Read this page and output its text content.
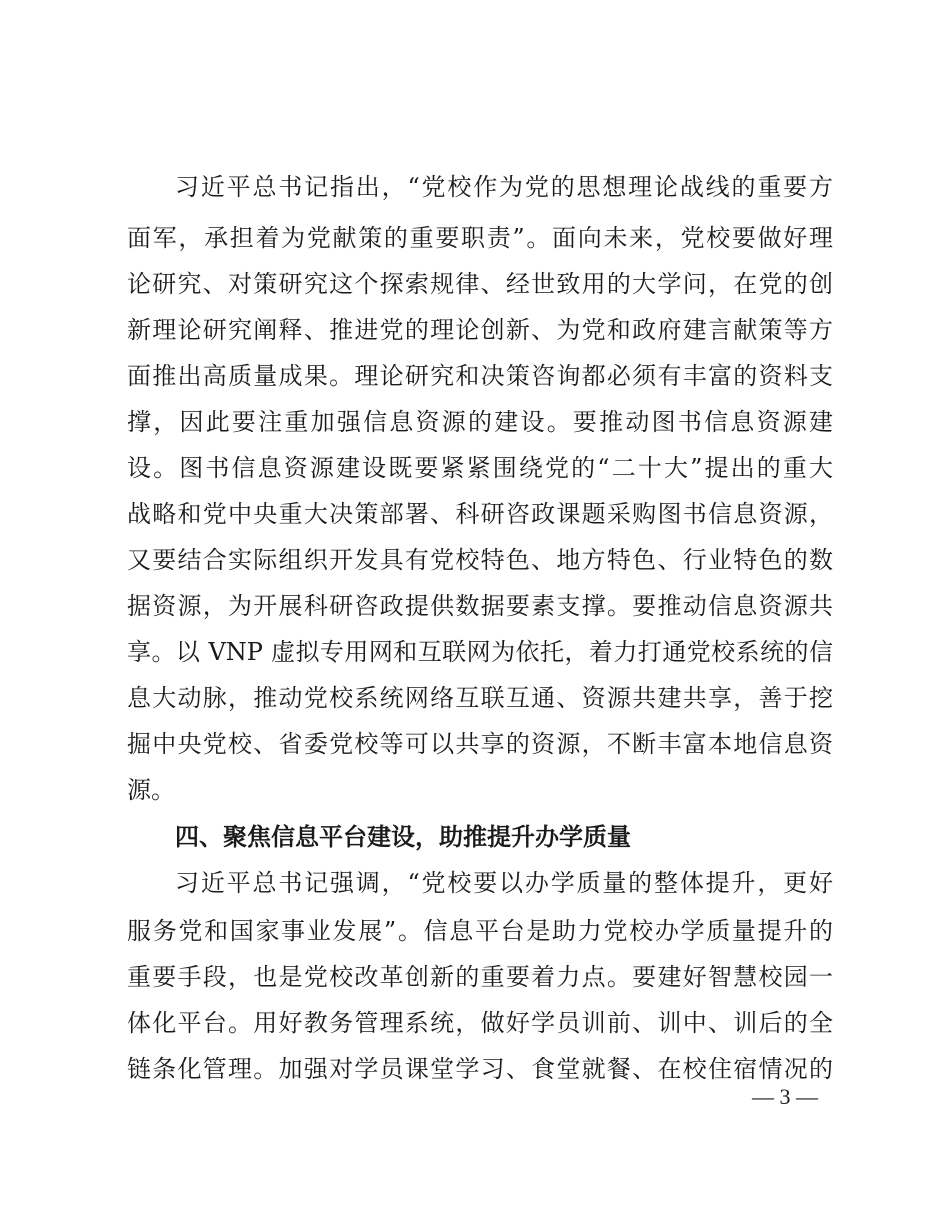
习近平总书记指出，“党校作为党的思想理论战线的重要方
面军，承担着为党献策的重要职责”。面向未来，党校要做好理
论研究、对策研究这个探索规律、经世致用的大学问，在党的创
新理论研究阐释、推进党的理论创新、为党和政府建言献策等方
面推出高质量成果。理论研究和决策咨询都必须有丰富的资料支
撑，因此要注重加强信息资源的建设。要推动图书信息资源建
设。图书信息资源建设既要紧紧围绕党的“二十大”提出的重大
战略和党中央重大决策部署、科研咨政课题采购图书信息资源，
又要结合实际组织开发具有党校特色、地方特色、行业特色的数
据资源，为开展科研咨政提供数据要素支撑。要推动信息资源共
享。以 VNP 虚拟专用网和互联网为依托，着力打通党校系统的信
息大动脉，推动党校系统网络互联互通、资源共建共享，善于挖
掘中央党校、省委党校等可以共享的资源，不断丰富本地信息资
源。
四、聚焦信息平台建设，助推提升办学质量
习近平总书记强调，“党校要以办学质量的整体提升，更好
服务党和国家事业发展”。信息平台是助力党校办学质量提升的
重要手段，也是党校改革创新的重要着力点。要建好智慧校园一
体化平台。用好教务管理系统，做好学员训前、训中、训后的全
链条化管理。加强对学员课堂学习、食堂就餐、在校住宿情况的
— 3 —
